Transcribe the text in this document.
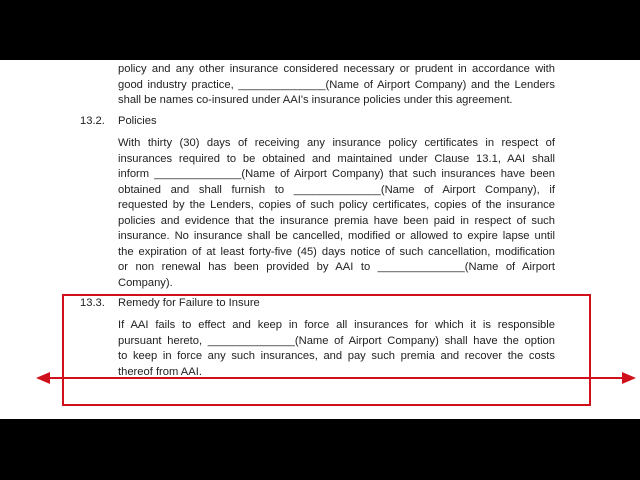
policy and any other insurance considered necessary or prudent in accordance with
good industry practice, ______________(Name of Airport Company) and the Lenders
shall be names co-insured under AAI's insurance policies under this agreement.
13.2. Policies
With thirty (30) days of receiving any insurance policy certificates in respect of
insurances required to be obtained and maintained under Clause 13.1, AAI shall
inform ______________(Name of Airport Company) that such insurances have been
obtained and shall furnish to ______________(Name of Airport Company), if
requested by the Lenders, copies of such policy certificates, copies of the insurance
policies and evidence that the insurance premia have been paid in respect of such
insurance. No insurance shall be cancelled, modified or allowed to expire lapse until
the expiration of at least forty-five (45) days notice of such cancellation, modification
or non renewal has been provided by AAI to ______________(Name of Airport
Company).
13.3. Remedy for Failure to Insure
If AAI fails to effect and keep in force all insurances for which it is responsible
pursuant hereto, ______________(Name of Airport Company) shall have the option
to keep in force any such insurances, and pay such premia and recover the costs
thereof from AAI.
